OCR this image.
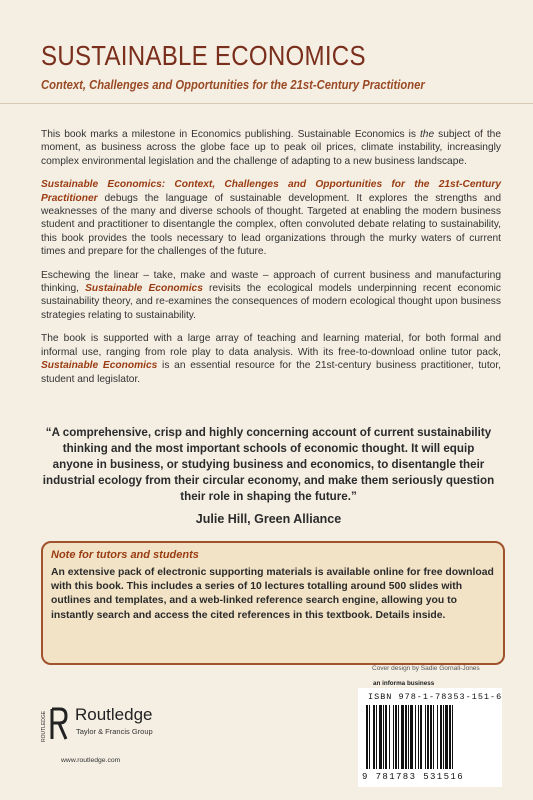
SUSTAINABLE ECONOMICS
Context, Challenges and Opportunities for the 21st-Century Practitioner

This book marks a milestone in Economics publishing. Sustainable Economics is the subject of the moment, as business across the globe face up to peak oil prices, climate instability, increasingly complex environmental legislation and the challenge of adapting to a new business landscape.

Sustainable Economics: Context, Challenges and Opportunities for the 21st-Century Practitioner debugs the language of sustainable development. It explores the strengths and weaknesses of the many and diverse schools of thought. Targeted at enabling the modern business student and practitioner to disentangle the complex, often convoluted debate relating to sustainability, this book provides the tools necessary to lead organizations through the murky waters of current times and prepare for the challenges of the future.

Eschewing the linear – take, make and waste – approach of current business and manufacturing thinking, Sustainable Economics revisits the ecological models underpinning recent economic sustainability theory, and re-examines the consequences of modern ecological thought upon business strategies relating to sustainability.

The book is supported with a large array of teaching and learning material, for both formal and informal use, ranging from role play to data analysis. With its free-to-download online tutor pack, Sustainable Economics is an essential resource for the 21st-century business practitioner, tutor, student and legislator.

“A comprehensive, crisp and highly concerning account of current sustainability thinking and the most important schools of economic thought. It will equip anyone in business, or studying business and economics, to disentangle their industrial ecology from their circular economy, and make them seriously question their role in shaping the future.”
Julie Hill, Green Alliance
Note for tutors and students
An extensive pack of electronic supporting materials is available online for free download with this book. This includes a series of 10 lectures totalling around 500 slides with outlines and templates, and a web-linked reference search engine, allowing you to instantly search and access the cited references in this textbook. Details inside.
Cover design by Sadie Gornall-Jones
an informa business
ISBN 978-1-78353-151-6
9 781783 531516
ROUTLEDGE Routledge
Taylor & Francis Group
www.routledge.com
